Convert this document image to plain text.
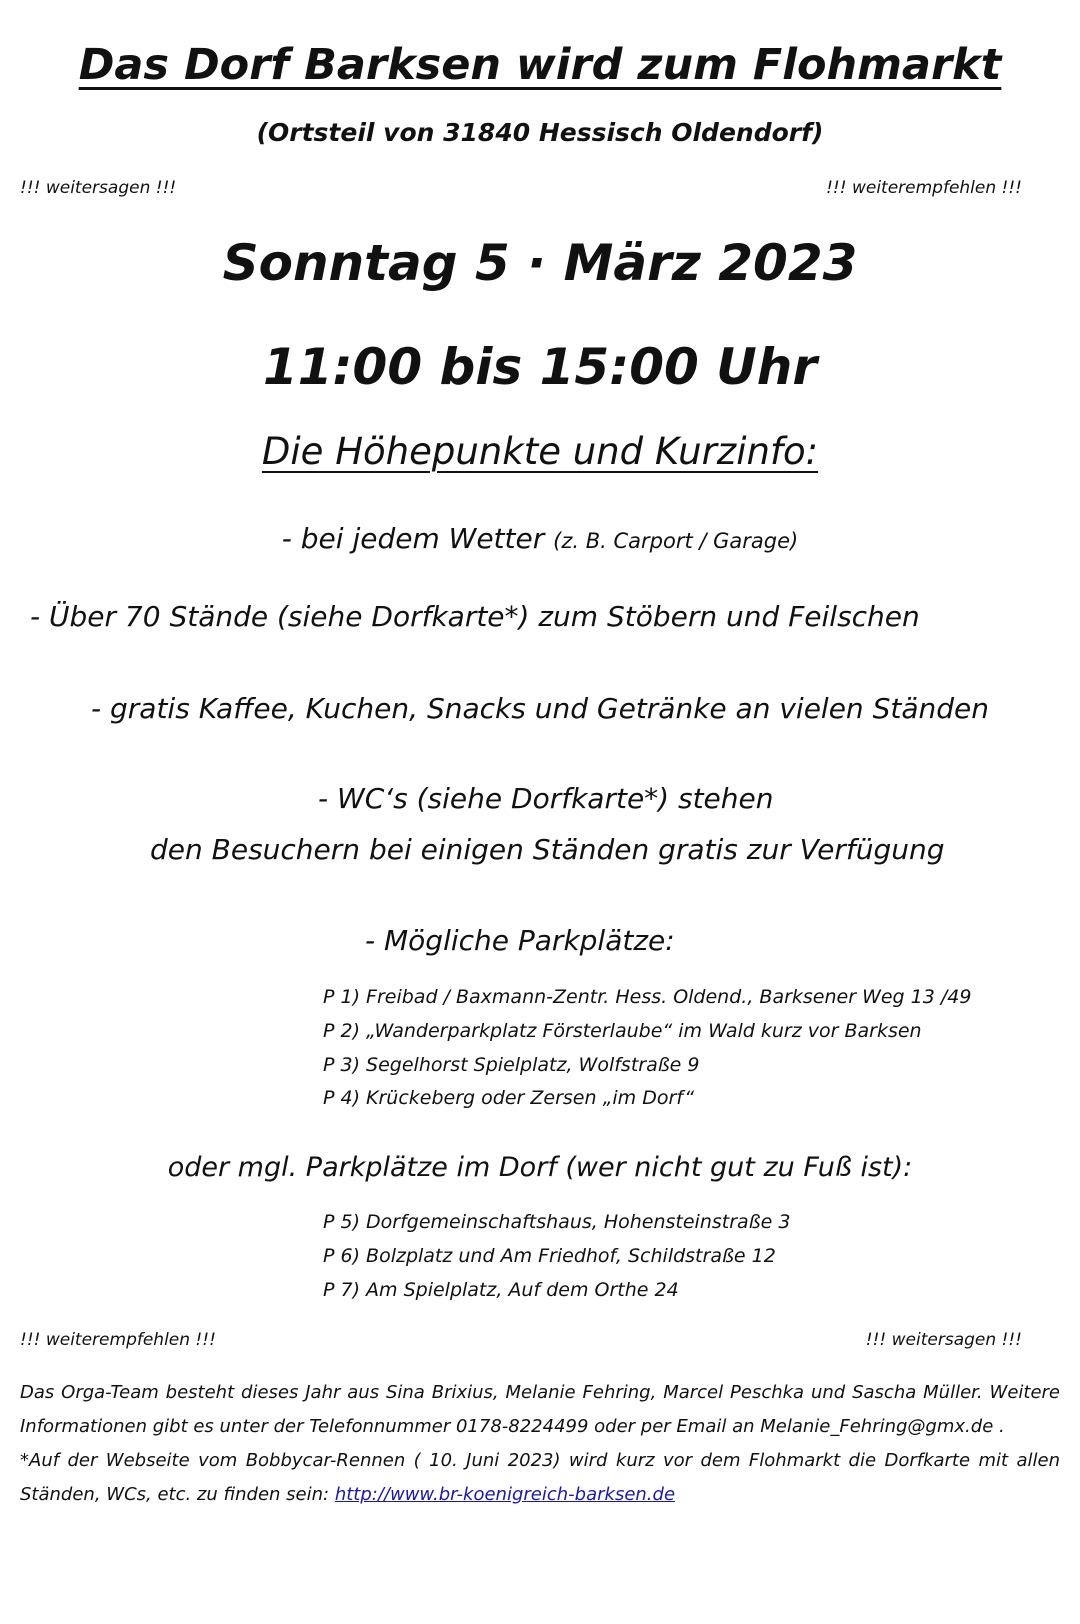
Das Dorf Barksen wird zum Flohmarkt
(Ortsteil von 31840 Hessisch Oldendorf)
!!! weitersagen !!!	!!! weiterempfehlen !!!
Sonntag 5 · März 2023
11:00 bis 15:00 Uhr
Die Höhepunkte und Kurzinfo:
- bei jedem Wetter (z. B. Carport / Garage)
- Über 70 Stände (siehe Dorfkarte*) zum Stöbern und Feilschen
- gratis Kaffee, Kuchen, Snacks und Getränke an vielen Ständen
- WC‘s (siehe Dorfkarte*) stehen
den Besuchern bei einigen Ständen gratis zur Verfügung
- Mögliche Parkplätze:
P 1) Freibad / Baxmann-Zentr. Hess. Oldend., Barksener Weg 13 /49
P 2) „Wanderparkplatz Försterlaube“ im Wald kurz vor Barksen
P 3) Segelhorst Spielplatz, Wolfstraße 9
P 4) Krückeberg oder Zersen „im Dorf“
oder mgl. Parkplätze im Dorf (wer nicht gut zu Fuß ist):
P 5) Dorfgemeinschaftshaus, Hohensteinstraße 3
P 6) Bolzplatz und Am Friedhof, Schildstraße 12
P 7) Am Spielplatz, Auf dem Orthe 24
!!! weiterempfehlen !!!	!!! weitersagen !!!

Das Orga-Team besteht dieses Jahr aus Sina Brixius, Melanie Fehring, Marcel Peschka und Sascha Müller. Weitere Informationen gibt es unter der Telefonnummer 0178-8224499 oder per Email an Melanie_Fehring@gmx.de .

*Auf der Webseite vom Bobbycar-Rennen ( 10. Juni 2023) wird kurz vor dem Flohmarkt die Dorfkarte mit allen Ständen, WCs, etc. zu finden sein: http://www.br-koenigreich-barksen.de
